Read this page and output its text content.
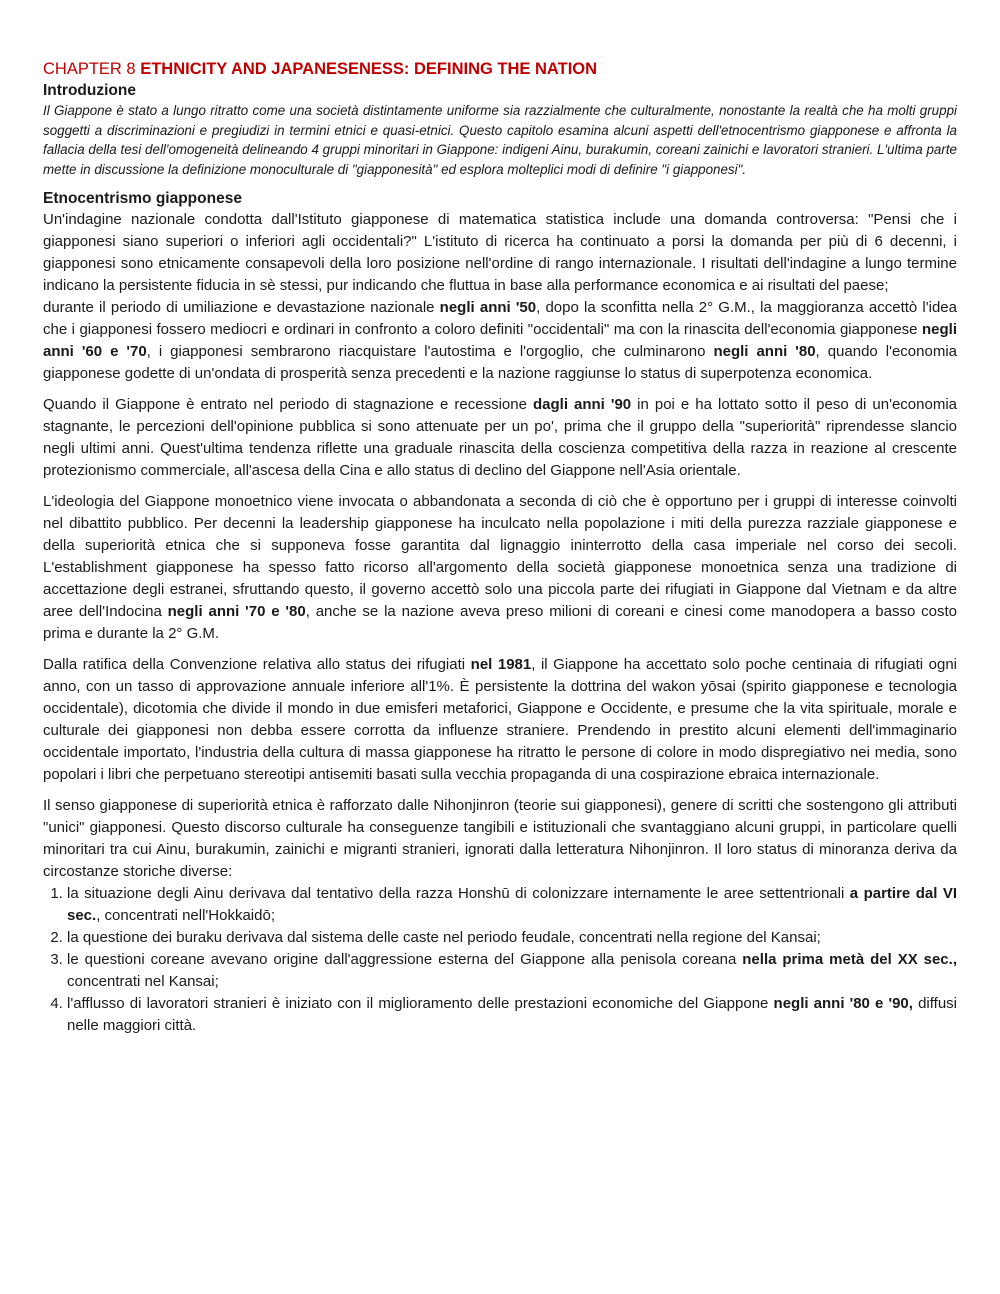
CHAPTER 8 ETHNICITY AND JAPANESENESS: DEFINING THE NATION
Introduzione

Il Giappone è stato a lungo ritratto come una società distintamente uniforme sia razzialmente che culturalmente, nonostante la realtà che ha molti gruppi soggetti a discriminazioni e pregiudizi in termini etnici e quasi-etnici. Questo capitolo esamina alcuni aspetti dell'etnocentrismo giapponese e affronta la fallacia della tesi dell'omogeneità delineando 4 gruppi minoritari in Giappone: indigeni Ainu, burakumin, coreani zainichi e lavoratori stranieri. L'ultima parte mette in discussione la definizione monoculturale di "giapponesità" ed esplora molteplici modi di definire "i giapponesi".

Etnocentrismo giapponese

Un'indagine nazionale condotta dall'Istituto giapponese di matematica statistica include una domanda controversa: "Pensi che i giapponesi siano superiori o inferiori agli occidentali?" L'istituto di ricerca ha continuato a porsi la domanda per più di 6 decenni, i giapponesi sono etnicamente consapevoli della loro posizione nell'ordine di rango internazionale. I risultati dell'indagine a lungo termine indicano la persistente fiducia in sè stessi, pur indicando che fluttua in base alla performance economica e ai risultati del paese;

durante il periodo di umiliazione e devastazione nazionale negli anni '50, dopo la sconfitta nella 2° G.M., la maggioranza accettò l'idea che i giapponesi fossero mediocri e ordinari in confronto a coloro definiti "occidentali" ma con la rinascita dell'economia giapponese negli anni '60 e '70, i giapponesi sembrarono riacquistare l'autostima e l'orgoglio, che culminarono negli anni '80, quando l'economia giapponese godette di un'ondata di prosperità senza precedenti e la nazione raggiunse lo status di superpotenza economica.

Quando il Giappone è entrato nel periodo di stagnazione e recessione dagli anni '90 in poi e ha lottato sotto il peso di un'economia stagnante, le percezioni dell'opinione pubblica si sono attenuate per un po', prima che il gruppo della "superiorità" riprendesse slancio negli ultimi anni. Quest'ultima tendenza riflette una graduale rinascita della coscienza competitiva della razza in reazione al crescente protezionismo commerciale, all'ascesa della Cina e allo status di declino del Giappone nell'Asia orientale.

L'ideologia del Giappone monoetnico viene invocata o abbandonata a seconda di ciò che è opportuno per i gruppi di interesse coinvolti nel dibattito pubblico. Per decenni la leadership giapponese ha inculcato nella popolazione i miti della purezza razziale giapponese e della superiorità etnica che si supponeva fosse garantita dal lignaggio ininterrotto della casa imperiale nel corso dei secoli. L'establishment giapponese ha spesso fatto ricorso all'argomento della società giapponese monoetnica senza una tradizione di accettazione degli estranei, sfruttando questo, il governo accettò solo una piccola parte dei rifugiati in Giappone dal Vietnam e da altre aree dell'Indocina negli anni '70 e '80, anche se la nazione aveva preso milioni di coreani e cinesi come manodopera a basso costo prima e durante la 2° G.M.

Dalla ratifica della Convenzione relativa allo status dei rifugiati nel 1981, il Giappone ha accettato solo poche centinaia di rifugiati ogni anno, con un tasso di approvazione annuale inferiore all'1%. È persistente la dottrina del wakon yōsai (spirito giapponese e tecnologia occidentale), dicotomia che divide il mondo in due emisferi metaforici, Giappone e Occidente, e presume che la vita spirituale, morale e culturale dei giapponesi non debba essere corrotta da influenze straniere. Prendendo in prestito alcuni elementi dell'immaginario occidentale importato, l'industria della cultura di massa giapponese ha ritratto le persone di colore in modo dispregiativo nei media, sono popolari i libri che perpetuano stereotipi antisemiti basati sulla vecchia propaganda di una cospirazione ebraica internazionale.

Il senso giapponese di superiorità etnica è rafforzato dalle Nihonjinron (teorie sui giapponesi), genere di scritti che sostengono gli attributi "unici" giapponesi. Questo discorso culturale ha conseguenze tangibili e istituzionali che svantaggiano alcuni gruppi, in particolare quelli minoritari tra cui Ainu, burakumin, zainichi e migranti stranieri, ignorati dalla letteratura Nihonjinron. Il loro status di minoranza deriva da circostanze storiche diverse:

1. la situazione degli Ainu derivava dal tentativo della razza Honshū di colonizzare internamente le aree settentrionali a partire dal VI sec., concentrati nell'Hokkaidō;
2. la questione dei buraku derivava dal sistema delle caste nel periodo feudale, concentrati nella regione del Kansai;
3. le questioni coreane avevano origine dall'aggressione esterna del Giappone alla penisola coreana nella prima metà del XX sec., concentrati nel Kansai;
4. l'afflusso di lavoratori stranieri è iniziato con il miglioramento delle prestazioni economiche del Giappone negli anni '80 e '90, diffusi nelle maggiori città.
